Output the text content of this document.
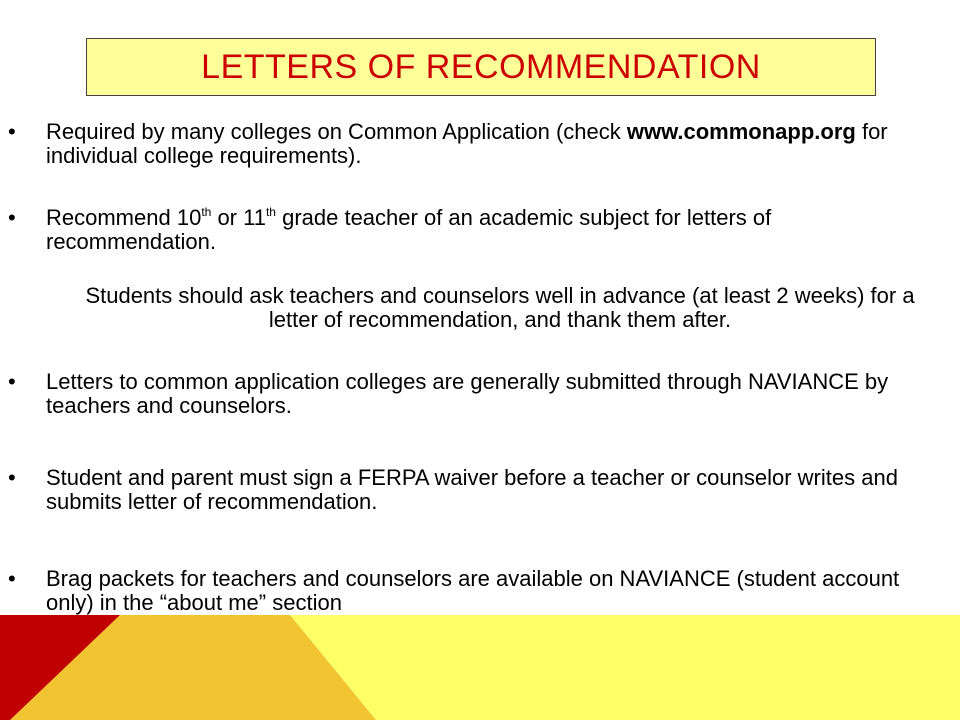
LETTERS OF RECOMMENDATION
• Required by many colleges on Common Application (check www.commonapp.org for individual college requirements).
• Recommend 10th or 11th grade teacher of an academic subject for letters of recommendation.
Students should ask teachers and counselors well in advance (at least 2 weeks) for a letter of recommendation, and thank them after.
• Letters to common application colleges are generally submitted through NAVIANCE by teachers and counselors.
• Student and parent must sign a FERPA waiver before a teacher or counselor writes and submits letter of recommendation.
• Brag packets for teachers and counselors are available on NAVIANCE (student account only) in the “about me” section
